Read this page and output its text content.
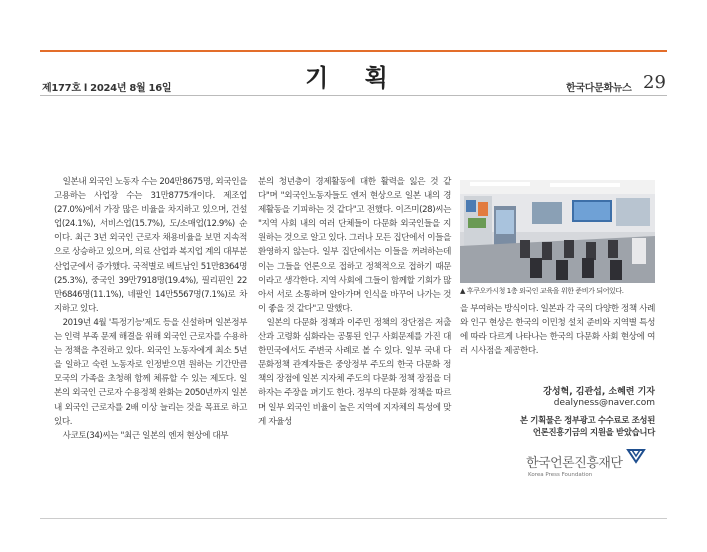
제177호 l 2024년 8월 16일	기 획	한국다문화뉴스 29

일본내 외국인 노동자 수는 204만8675명, 외국인을 고용하는 사업장 수는 31만8775개이다. 제조업(27.0%)에서 가장 많은 비율을 차지하고 있으며, 건설업(24.1%), 서비스업(15.7%), 도/소매업(12.9%) 순이다. 최근 3년 외국인 근로자 채용비율을 보면 지속적으로 상승하고 있으며, 의료 산업과 복지업 계의 대부분 산업군에서 증가했다. 국적별로 베트남인 51만8364명(25.3%), 중국인 39만7918명(19.4%), 필리핀인 22만6846명(11.1%), 네팔인 14만5567명(7.1%)로 차지하고 있다.

2019년 4월 '특정기능'제도 등을 신설하며 일본정부는 인력 부족 문제 해결을 위해 외국인 근로자를 수용하는 정책을 추진하고 있다. 외국인 노동자에게 최소 5년을 일하고 숙련 노동자로 인정받으면 원하는 기간만큼 모국의 가족을 초청해 함께 체류할 수 있는 제도다. 일본의 외국인 근로자 수용정책 완화는 2050년까지 일본 내 외국인 근로자를 2배 이상 늘리는 것을 목표로 하고 있다.

사코토(34)씨는 "최근 일본의 엔저 현상에 대부

분의 청년층이 경제활동에 대한 활력을 잃은 것 같다"며 "외국인노동자들도 엔저 현상으로 일본 내의 경제활동을 기피하는 것 같다"고 전했다. 이즈미(28)씨는 "지역 사회 내의 여러 단체들이 다문화 외국인들을 지원하는 것으로 알고 있다. 그러나 모든 집단에서 이들을 환영하지 않는다. 일부 집단에서는 이들을 꺼려하는데 이는 그들을 언론으로 접하고 정책적으로 접하기 때문이라고 생각한다. 지역 사회에 그들이 함께할 기회가 많아서 서로 소통하며 알아가며 인식을 바꾸어 나가는 것이 좋을 것 같다"고 말했다.

일본의 다문화 정책과 이주민 정책의 장단점은 저출산과 고령화 심화라는 공통된 인구 사회문제를 가진 대한민국에서도 주변국 사례로 볼 수 있다. 일부 국내 다문화정책 관계자들은 중앙정부 주도의 한국 다문화 정책의 장점에 일본 지자체 주도의 다문화 정책 장점을 더하자는 주장을 펴기도 한다. 정부의 다문화 정책을 따르며 일부 외국인 비율이 높은 지역에 지자체의 특성에 맞게 자율성

▲ 후쿠오카시청 1층 외국인 교육을 위한 준비가 되어있다.

을 부여하는 방식이다. 일본과 각 국의 다양한 정책 사례와 인구 현상은 한국의 이민청 설치 준비와 지역별 특성에 따라 다르게 나타나는 한국의 다문화 사회 현상에 여러 시사점을 제공한다.

강성혁, 김관섭, 소혜련 기자
dealyness@naver.com
본 기획물은 정부광고 수수료로 조성된
언론진흥기금의 지원을 받았습니다
한국언론진흥재단
Korea Press Foundation
